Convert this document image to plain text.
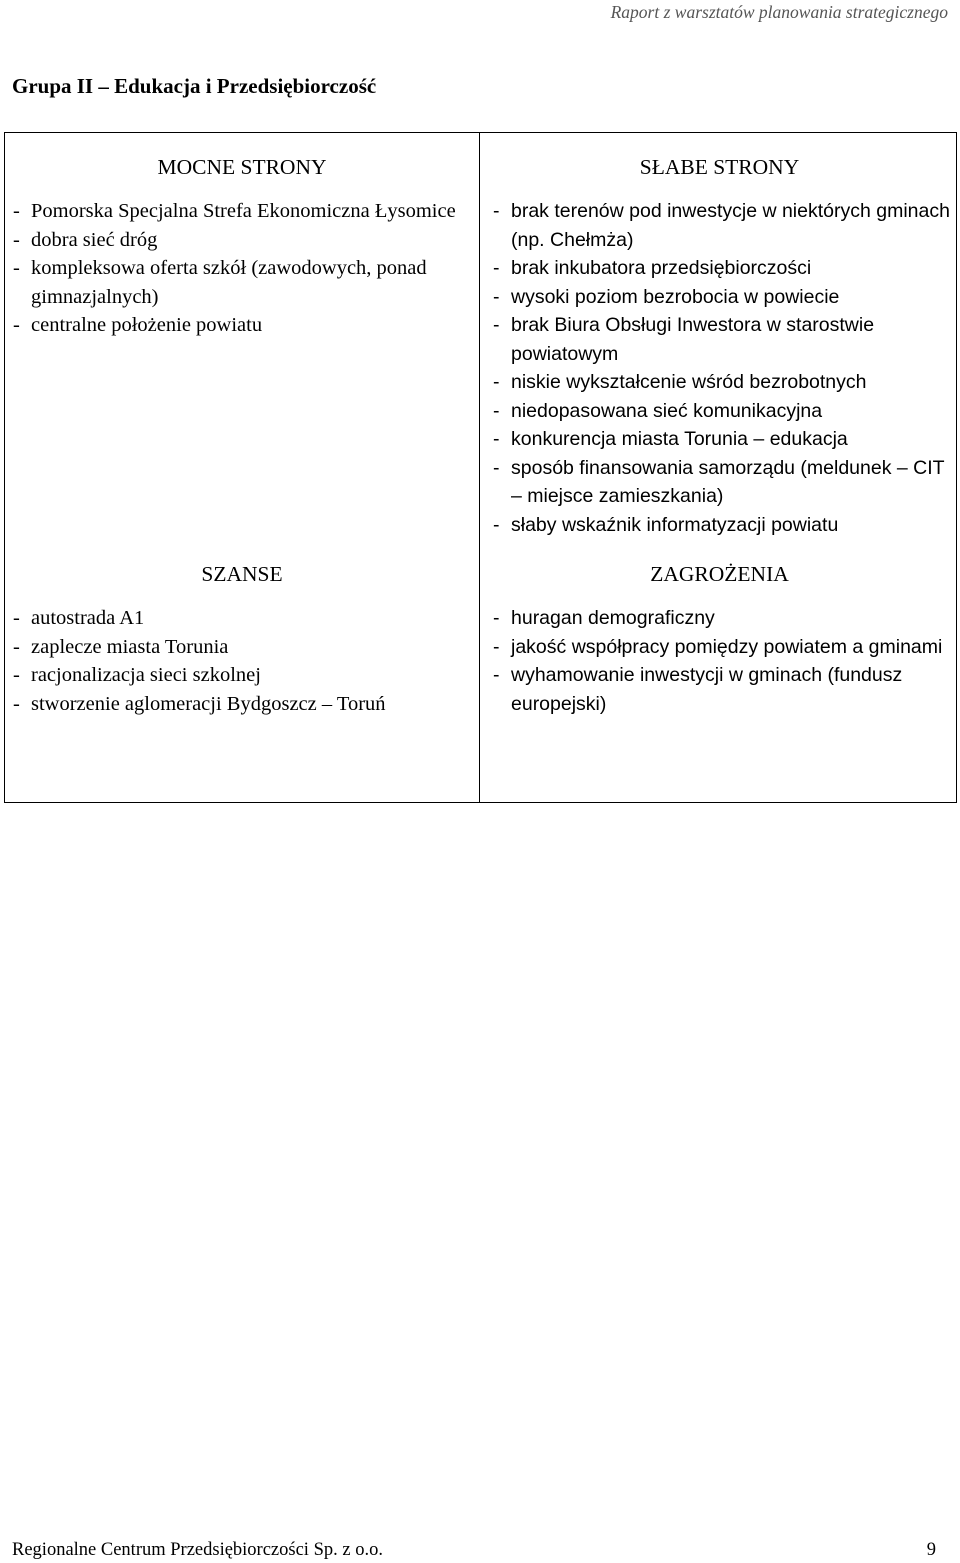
Raport z warsztatów planowania strategicznego
Grupa II – Edukacja i Przedsiębiorczość
MOCNE STRONY
- Pomorska Specjalna Strefa Ekonomiczna Łysomice
- dobra sieć dróg
- kompleksowa oferta szkół (zawodowych, ponad gimnazjalnych)
- centralne położenie powiatu
SŁABE STRONY
- brak terenów pod inwestycje w niektórych gminach (np. Chełmża)
- brak inkubatora przedsiębiorczości
- wysoki poziom bezrobocia w powiecie
- brak Biura Obsługi Inwestora w starostwie powiatowym
- niskie wykształcenie wśród bezrobotnych
- niedopasowana sieć komunikacyjna
- konkurencja miasta Torunia – edukacja
- sposób finansowania samorządu (meldunek – CIT – miejsce zamieszkania)
- słaby wskaźnik informatyzacji powiatu
SZANSE
- autostrada A1
- zaplecze miasta Torunia
- racjonalizacja sieci szkolnej
- stworzenie aglomeracji Bydgoszcz – Toruń
ZAGROŻENIA
- huragan demograficzny
- jakość współpracy pomiędzy powiatem a gminami
- wyhamowanie inwestycji w gminach (fundusz europejski)
Regionalne Centrum Przedsiębiorczości Sp. z o.o.	9
